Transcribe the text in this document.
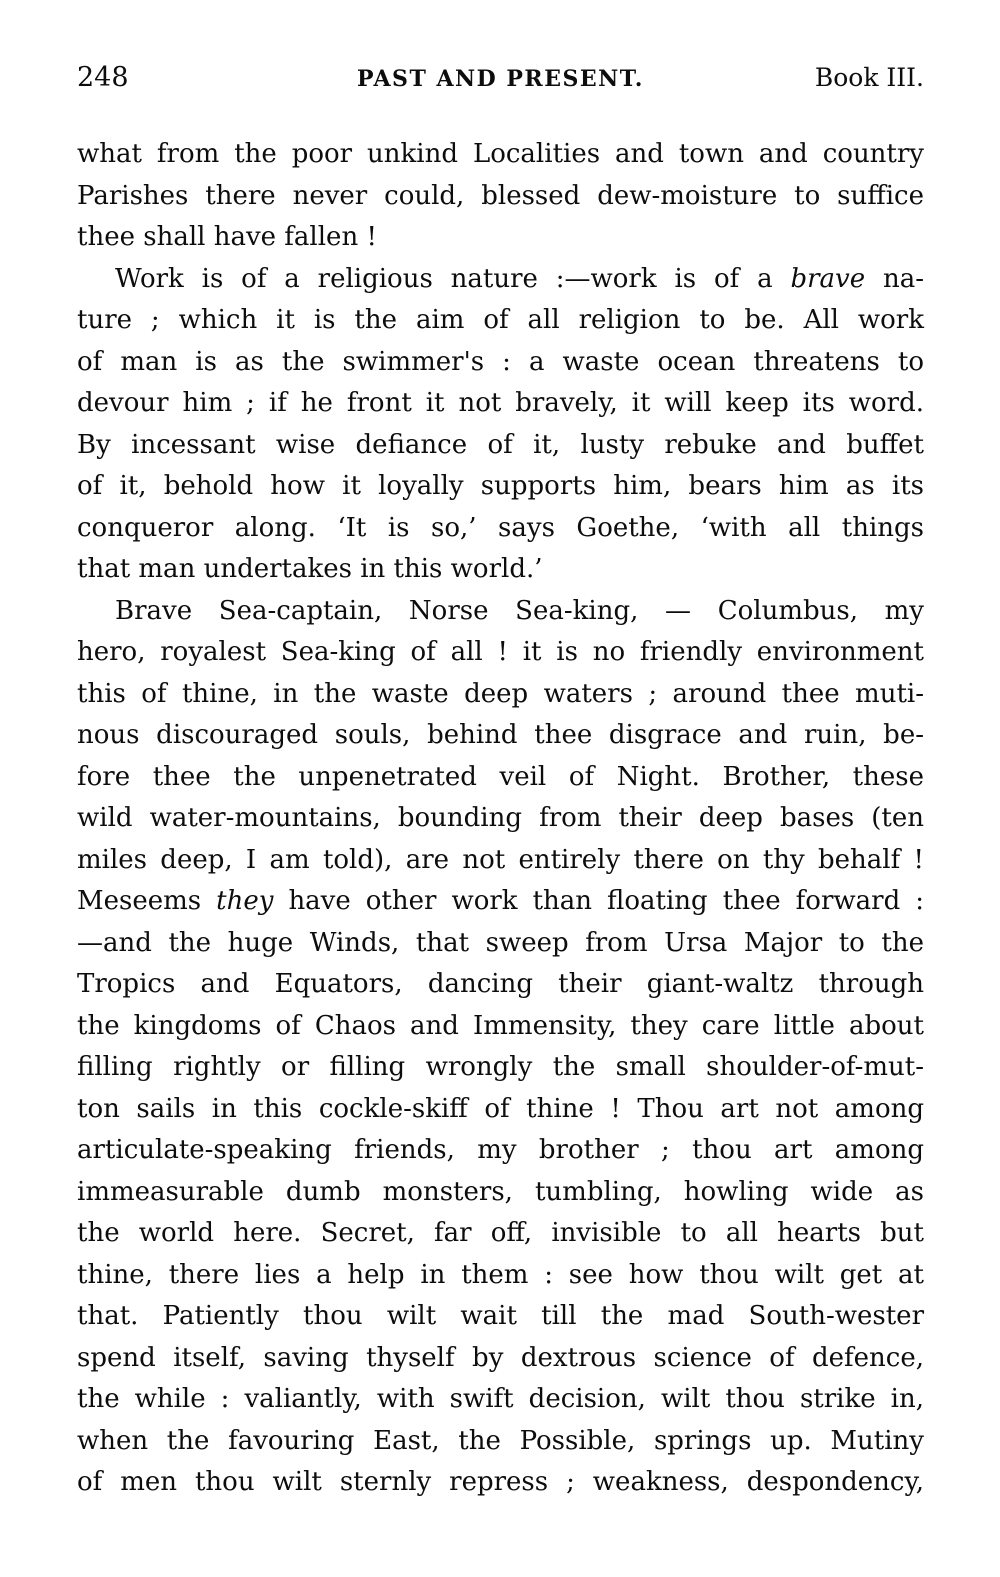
248	PAST AND PRESENT.	Book III.
what from the poor unkind Localities and town and country
Parishes there never could, blessed dew-moisture to suffice
thee shall have fallen !
Work is of a religious nature :—work is of a brave na-
ture ; which it is the aim of all religion to be. All work
of man is as the swimmer's : a waste ocean threatens to
devour him ; if he front it not bravely, it will keep its word.
By incessant wise defiance of it, lusty rebuke and buffet
of it, behold how it loyally supports him, bears him as its
conqueror along. ‘It is so,’ says Goethe, ‘with all things
that man undertakes in this world.’
Brave Sea-captain, Norse Sea-king, — Columbus, my
hero, royalest Sea-king of all ! it is no friendly environment
this of thine, in the waste deep waters ; around thee muti-
nous discouraged souls, behind thee disgrace and ruin, be-
fore thee the unpenetrated veil of Night. Brother, these
wild water-mountains, bounding from their deep bases (ten
miles deep, I am told), are not entirely there on thy behalf !
Meseems they have other work than floating thee forward :
—and the huge Winds, that sweep from Ursa Major to the
Tropics and Equators, dancing their giant-waltz through
the kingdoms of Chaos and Immensity, they care little about
filling rightly or filling wrongly the small shoulder-of-mut-
ton sails in this cockle-skiff of thine ! Thou art not among
articulate-speaking friends, my brother ; thou art among
immeasurable dumb monsters, tumbling, howling wide as
the world here. Secret, far off, invisible to all hearts but
thine, there lies a help in them : see how thou wilt get at
that. Patiently thou wilt wait till the mad South-wester
spend itself, saving thyself by dextrous science of defence,
the while : valiantly, with swift decision, wilt thou strike in,
when the favouring East, the Possible, springs up. Mutiny
of men thou wilt sternly repress ; weakness, despondency,
